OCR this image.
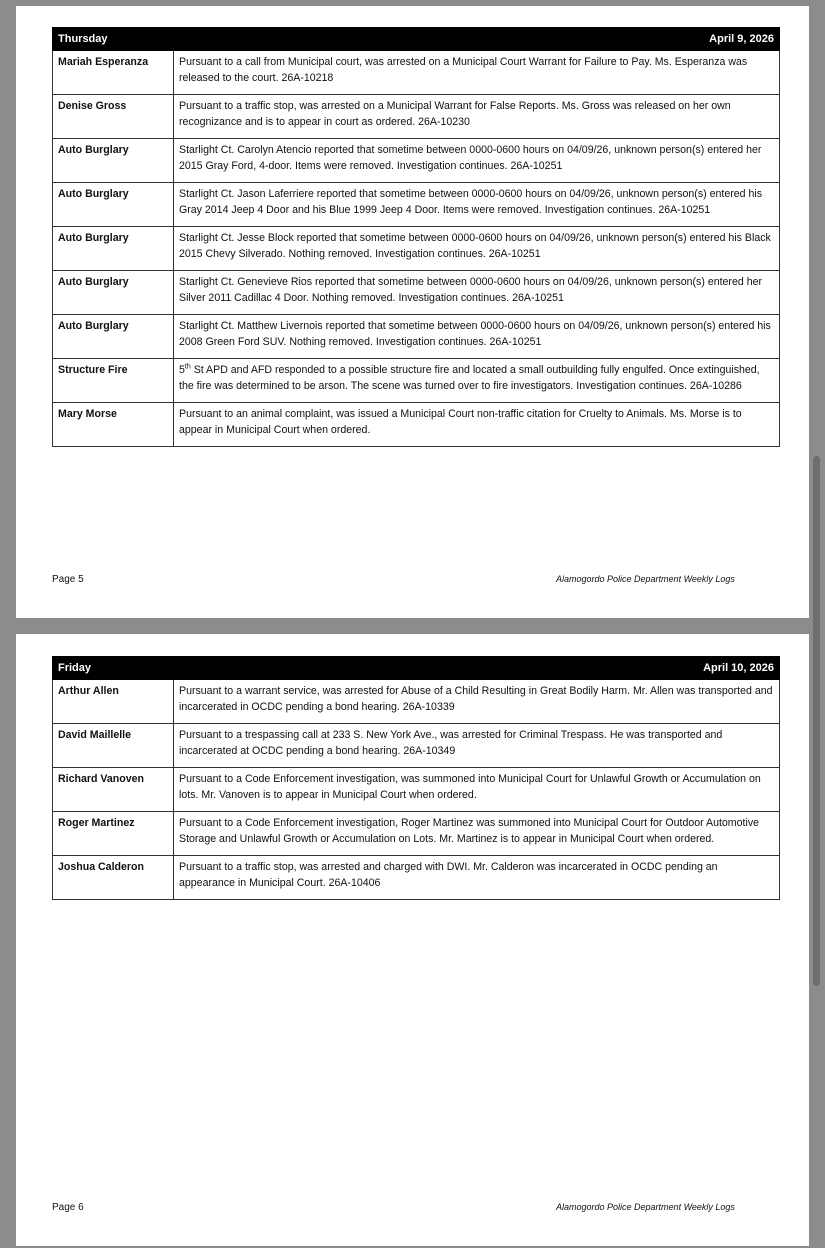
Thursday	April 9, 2026
Mariah Esperanza	Pursuant to a call from Municipal court, was arrested on a Municipal Court Warrant for Failure to Pay. Ms. Esperanza was released to the court. 26A-10218
Denise Gross	Pursuant to a traffic stop, was arrested on a Municipal Warrant for False Reports. Ms. Gross was released on her own recognizance and is to appear in court as ordered. 26A-10230
Auto Burglary	Starlight Ct. Carolyn Atencio reported that sometime between 0000-0600 hours on 04/09/26, unknown person(s) entered her 2015 Gray Ford, 4-door. Items were removed. Investigation continues. 26A-10251
Auto Burglary	Starlight Ct. Jason Laferriere reported that sometime between 0000-0600 hours on 04/09/26, unknown person(s) entered his Gray 2014 Jeep 4 Door and his Blue 1999 Jeep 4 Door. Items were removed. Investigation continues. 26A-10251
Auto Burglary	Starlight Ct. Jesse Block reported that sometime between 0000-0600 hours on 04/09/26, unknown person(s) entered his Black 2015 Chevy Silverado. Nothing removed. Investigation continues. 26A-10251
Auto Burglary	Starlight Ct. Genevieve Rios reported that sometime between 0000-0600 hours on 04/09/26, unknown person(s) entered her Silver 2011 Cadillac 4 Door. Nothing removed. Investigation continues. 26A-10251
Auto Burglary	Starlight Ct. Matthew Livernois reported that sometime between 0000-0600 hours on 04/09/26, unknown person(s) entered his 2008 Green Ford SUV. Nothing removed. Investigation continues. 26A-10251
Structure Fire	5th St APD and AFD responded to a possible structure fire and located a small outbuilding fully engulfed. Once extinguished, the fire was determined to be arson. The scene was turned over to fire investigators. Investigation continues. 26A-10286
Mary Morse	Pursuant to an animal complaint, was issued a Municipal Court non-traffic citation for Cruelty to Animals. Ms. Morse is to appear in Municipal Court when ordered.
Page 5	Alamogordo Police Department Weekly Logs
Friday	April 10, 2026
Arthur Allen	Pursuant to a warrant service, was arrested for Abuse of a Child Resulting in Great Bodily Harm. Mr. Allen was transported and incarcerated in OCDC pending a bond hearing. 26A-10339
David Maillelle	Pursuant to a trespassing call at 233 S. New York Ave., was arrested for Criminal Trespass. He was transported and incarcerated at OCDC pending a bond hearing. 26A-10349
Richard Vanoven	Pursuant to a Code Enforcement investigation, was summoned into Municipal Court for Unlawful Growth or Accumulation on lots. Mr. Vanoven is to appear in Municipal Court when ordered.
Roger Martinez	Pursuant to a Code Enforcement investigation, Roger Martinez was summoned into Municipal Court for Outdoor Automotive Storage and Unlawful Growth or Accumulation on Lots. Mr. Martinez is to appear in Municipal Court when ordered.
Joshua Calderon	Pursuant to a traffic stop, was arrested and charged with DWI. Mr. Calderon was incarcerated in OCDC pending an appearance in Municipal Court. 26A-10406
Page 6	Alamogordo Police Department Weekly Logs
